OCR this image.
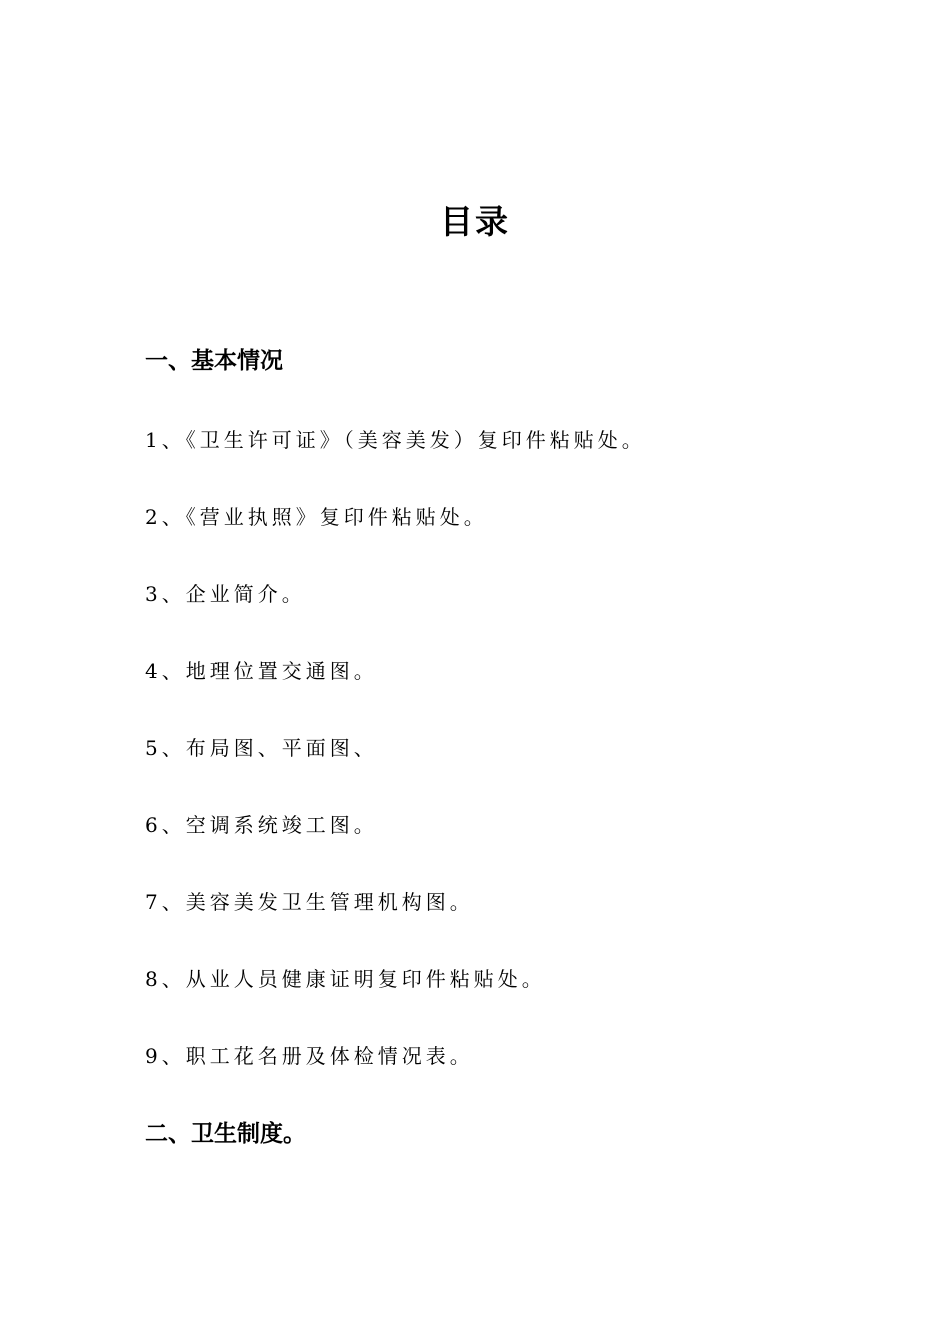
目录
一、基本情况
1、《卫生许可证》（美容美发）复印件粘贴处。
2、《营业执照》复印件粘贴处。
3、企业简介。
4、地理位置交通图。
5、布局图、平面图、
6、空调系统竣工图。
7、美容美发卫生管理机构图。
8、从业人员健康证明复印件粘贴处。
9、职工花名册及体检情况表。
二、卫生制度。
